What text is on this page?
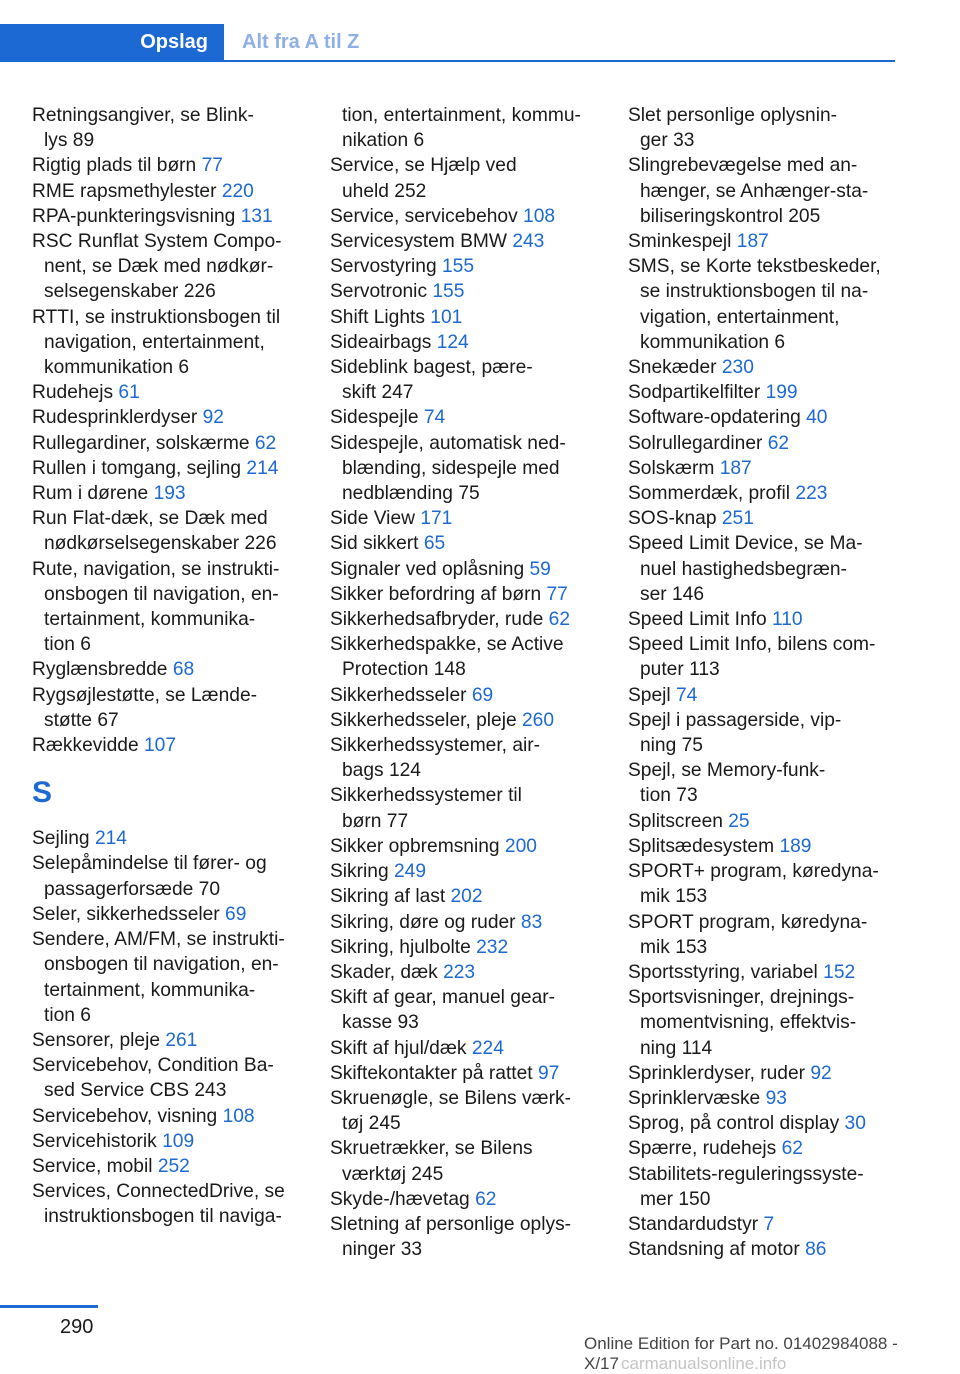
Opslag Alt fra A til Z
Retningsangiver, se Blink-
lys 89
Rigtig plads til børn 77
RME rapsmethylester 220
RPA-punkteringsvisning 131
RSC Runflat System Compo-
nent, se Dæk med nødkør-
selsegenskaber 226
RTTI, se instruktionsbogen til
navigation, entertainment,
kommunikation 6
Rudehejs 61
Rudesprinklerdyser 92
Rullegardiner, solskærme 62
Rullen i tomgang, sejling 214
Rum i dørene 193
Run Flat-dæk, se Dæk med
nødkørselsegenskaber 226
Rute, navigation, se instrukti-
onsbogen til navigation, en-
tertainment, kommunika-
tion 6
Ryglænsbredde 68
Rygsøjlestøtte, se Lænde-
støtte 67
Rækkevidde 107
S
Sejling 214
Selepåmindelse til fører- og
passagerforsæde 70
Seler, sikkerhedsseler 69
Sendere, AM/FM, se instrukti-
onsbogen til navigation, en-
tertainment, kommunika-
tion 6
Sensorer, pleje 261
Servicebehov, Condition Ba-
sed Service CBS 243
Servicebehov, visning 108
Servicehistorik 109
Service, mobil 252
Services, ConnectedDrive, se
instruktionsbogen til naviga-
tion, entertainment, kommu-
nikation 6
Service, se Hjælp ved
uheld 252
Service, servicebehov 108
Servicesystem BMW 243
Servostyring 155
Servotronic 155
Shift Lights 101
Sideairbags 124
Sideblink bagest, pære-
skift 247
Sidespejle 74
Sidespejle, automatisk ned-
blænding, sidespejle med
nedblænding 75
Side View 171
Sid sikkert 65
Signaler ved oplåsning 59
Sikker befordring af børn 77
Sikkerhedsafbryder, rude 62
Sikkerhedspakke, se Active
Protection 148
Sikkerhedsseler 69
Sikkerhedsseler, pleje 260
Sikkerhedssystemer, air-
bags 124
Sikkerhedssystemer til
børn 77
Sikker opbremsning 200
Sikring 249
Sikring af last 202
Sikring, døre og ruder 83
Sikring, hjulbolte 232
Skader, dæk 223
Skift af gear, manuel gear-
kasse 93
Skift af hjul/dæk 224
Skiftekontakter på rattet 97
Skruenøgle, se Bilens værk-
tøj 245
Skruetrækker, se Bilens
værktøj 245
Skyde-/hævetag 62
Sletning af personlige oplys-
ninger 33
Slet personlige oplysnin-
ger 33
Slingrebevægelse med an-
hænger, se Anhænger-sta-
biliseringskontrol 205
Sminkespejl 187
SMS, se Korte tekstbeskeder,
se instruktionsbogen til na-
vigation, entertainment,
kommunikation 6
Snekæder 230
Sodpartikelfilter 199
Software-opdatering 40
Solrullegardiner 62
Solskærm 187
Sommerdæk, profil 223
SOS-knap 251
Speed Limit Device, se Ma-
nuel hastighedsbegræn-
ser 146
Speed Limit Info 110
Speed Limit Info, bilens com-
puter 113
Spejl 74
Spejl i passagerside, vip-
ning 75
Spejl, se Memory-funk-
tion 73
Splitscreen 25
Splitsædesystem 189
SPORT+ program, køredyna-
mik 153
SPORT program, køredyna-
mik 153
Sportsstyring, variabel 152
Sportsvisninger, drejnings-
momentvisning, effektvis-
ning 114
Sprinklerdyser, ruder 92
Sprinklervæske 93
Sprog, på control display 30
Spærre, rudehejs 62
Stabilitets-reguleringssyste-
mer 150
Standardudstyr 7
Standsning af motor 86
290
Online Edition for Part no. 01402984088 - X/17 carmanualsonline.info
